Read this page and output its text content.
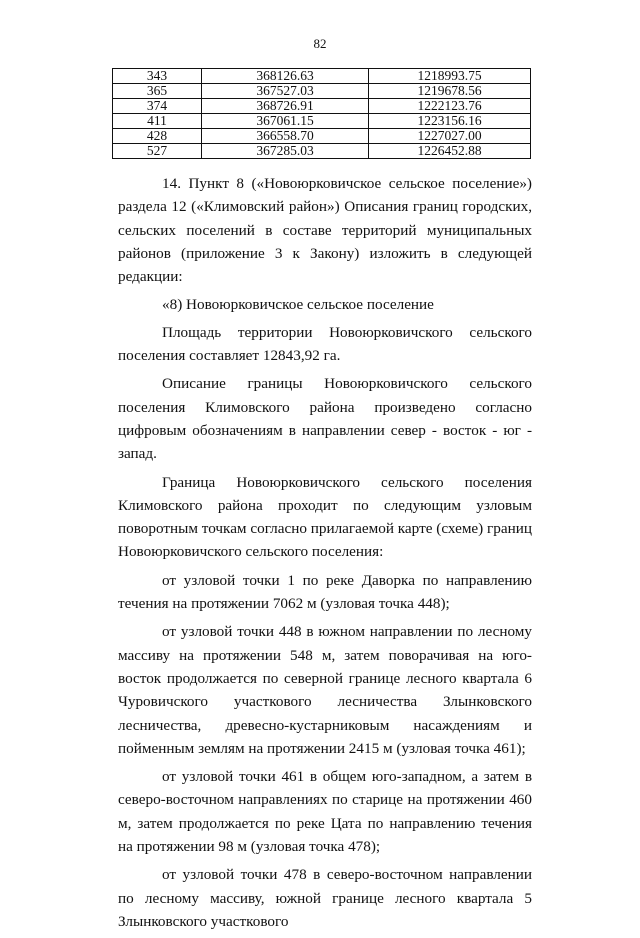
82
343	368126.63	1218993.75
365	367527.03	1219678.56
374	368726.91	1222123.76
411	367061.15	1223156.16
428	366558.70	1227027.00
527	367285.03	1226452.88

14. Пункт 8 («Новоюрковичское сельское поселение») раздела 12 («Климовский район») Описания границ городских, сельских поселений в составе территорий муниципальных районов (приложение 3 к Закону) изложить в следующей редакции:

«8) Новоюрковичское сельское поселение

Площадь территории Новоюрковичского сельского поселения составляет 12843,92 га.

Описание границы Новоюрковичского сельского поселения Климовского района произведено согласно цифровым обозначениям в направлении север - восток - юг - запад.

Граница Новоюрковичского сельского поселения Климовского района проходит по следующим узловым поворотным точкам согласно прилагаемой карте (схеме) границ Новоюрковичского сельского поселения:

от узловой точки 1 по реке Даворка по направлению течения на протяжении 7062 м (узловая точка 448);

от узловой точки 448 в южном направлении по лесному массиву на протяжении 548 м, затем поворачивая на юго-восток продолжается по северной границе лесного квартала 6 Чуровичского участкового лесничества Злынковского лесничества, древесно-кустарниковым насаждениям и пойменным землям на протяжении 2415 м (узловая точка 461);

от узловой точки 461 в общем юго-западном, а затем в северо-восточном направлениях по старице на протяжении 460 м, затем продолжается по реке Цата по направлению течения на протяжении 98 м (узловая точка 478);

от узловой точки 478 в северо-восточном направлении по лесному массиву, южной границе лесного квартала 5 Злынковского участкового
